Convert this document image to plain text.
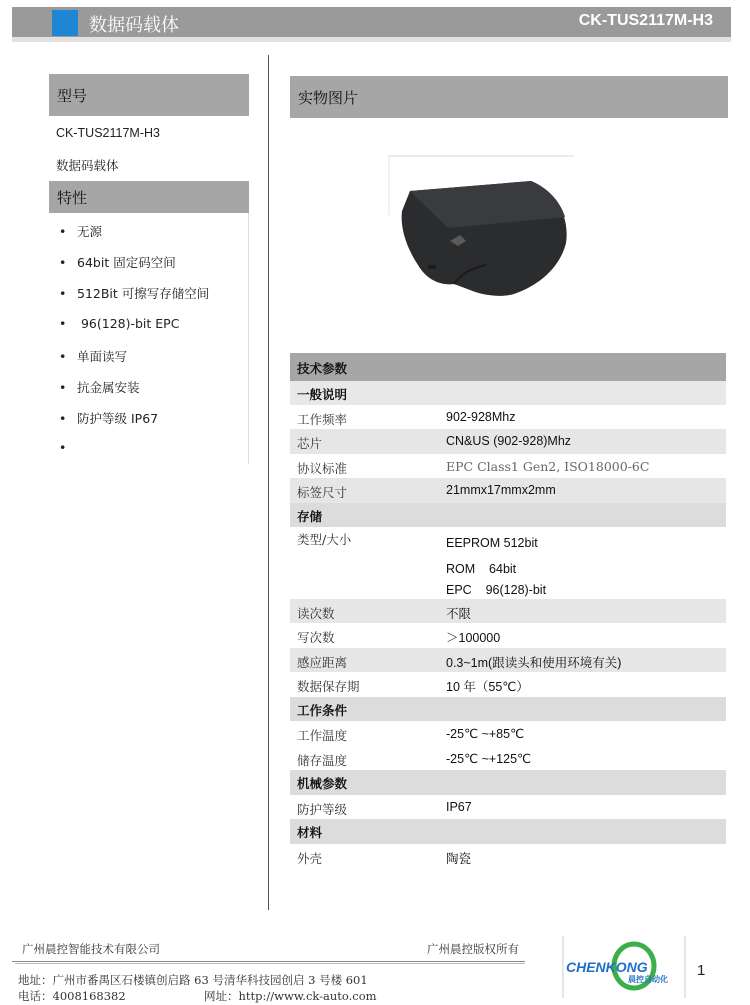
数据码载体	CK-TUS2117M-H3
型号
CK-TUS2117M-H3
数据码载体
特性
• 无源
• 64bit 固定码空间
• 512Bit 可擦写存储空间
• 96(128)-bit EPC
• 单面读写
• 抗金属安装
• 防护等级 IP67
•
实物图片
技术参数
一般说明
工作频率	902-928Mhz
芯片	CN&US (902-928)Mhz
协议标准	EPC Class1 Gen2, ISO18000-6C
标签尺寸	21mmx17mmx2mm
存储
类型/大小	EEPROM 512bit
ROM    64bit
EPC    96(128)-bit
读次数	不限
写次数	＞100000
感应距离	0.3~1m(跟读头和使用环境有关)
数据保存期	10 年（55℃）
工作条件
工作温度	-25℃ ~+85℃
储存温度	-25℃ ~+125℃
机械参数
防护等级	IP67
材料
外壳	陶瓷
广州晨控智能技术有限公司	广州晨控版权所有
地址：广州市番禺区石楼镇创启路 63 号清华科技园创启 3 号楼 601
电话：4008168382	网址：http://www.ck-auto.com
CHENKONG
晨控自动化
1
